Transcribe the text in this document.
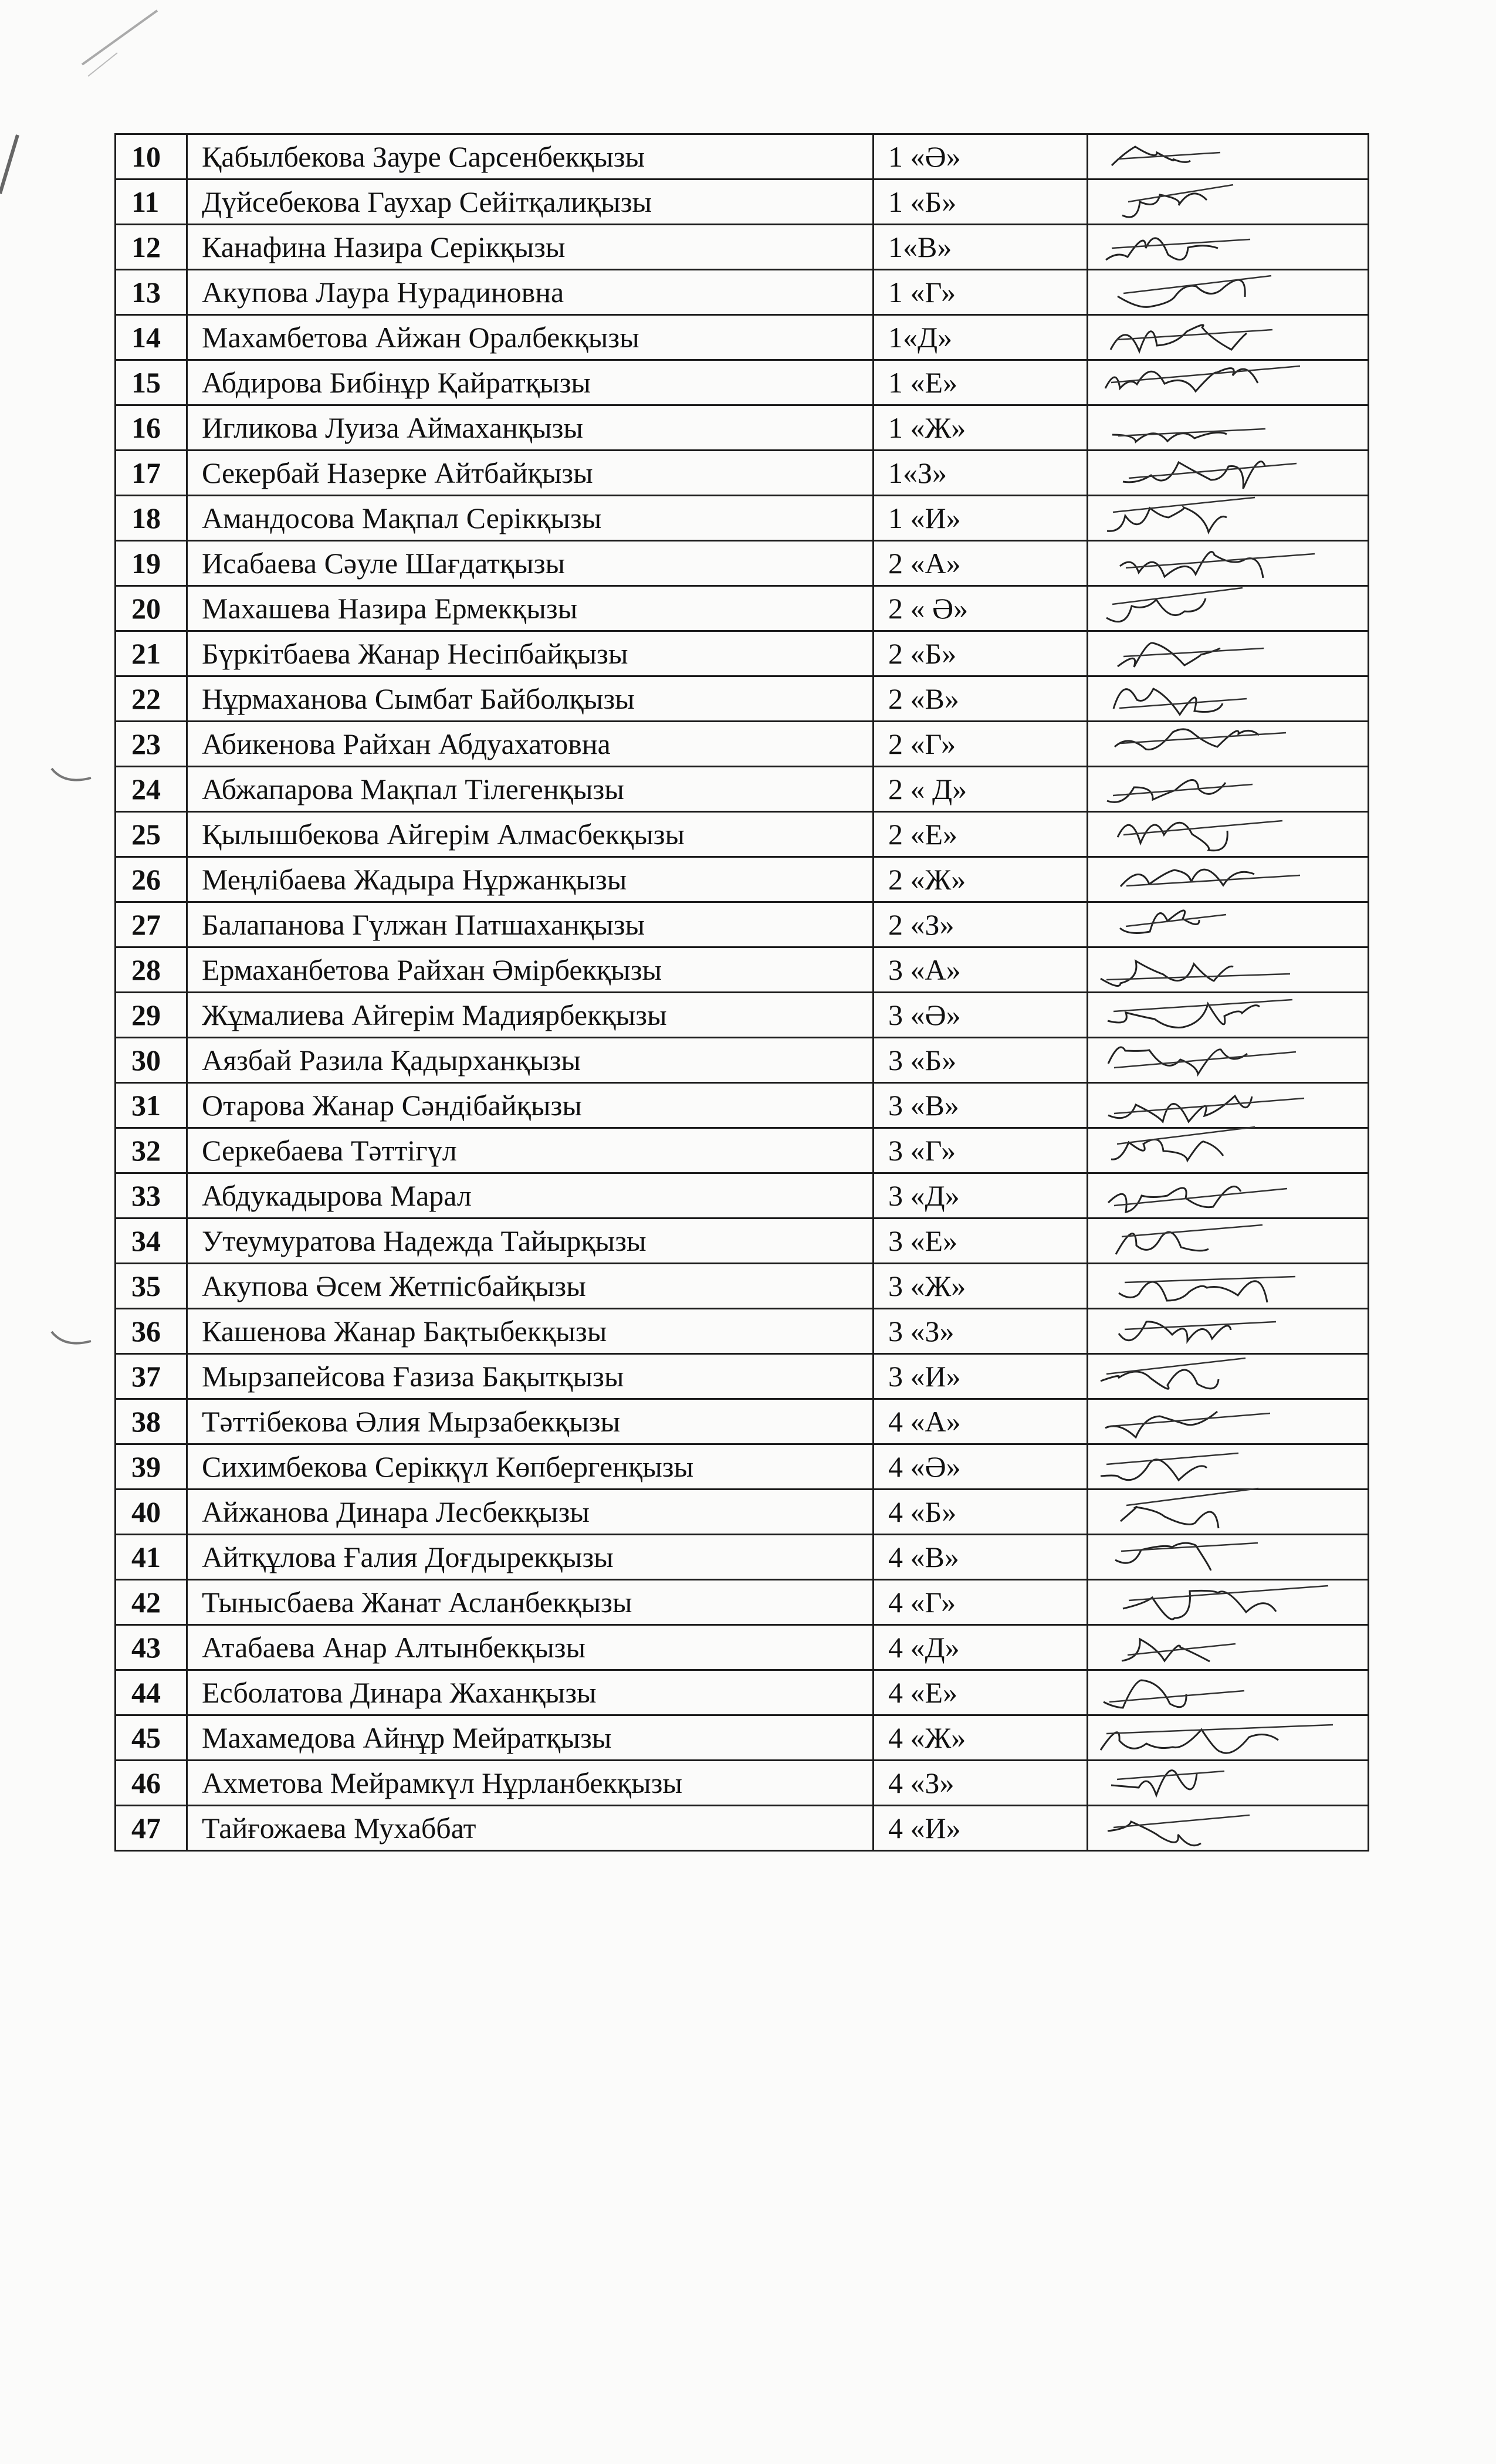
10	Қабылбекова Зауре Сарсенбекқызы	1 «Ә»	

11	Дүйсебекова Гаухар Сейітқалиқызы	1 «Б»	

12	Канафина Назира Серікқызы	1«В»	

13	Акупова Лаура Нурадиновна	1 «Г»	

14	Махамбетова Айжан Оралбекқызы	1«Д»	

15	Абдирова Бибінұр Қайратқызы	1 «Е»	

16	Игликова Луиза Аймаханқызы	1 «Ж»	

17	Секербай Назерке Айтбайқызы	1«З»	

18	Амандосова Мақпал Серікқызы	1 «И»	

19	Исабаева Сәуле Шағдатқызы	2 «А»	

20	Махашева Назира Ермекқызы	2 « Ә»	

21	Бүркітбаева Жанар Несіпбайқызы	2 «Б»	

22	Нұрмаханова Сымбат Байболқызы	2 «В»	

23	Абикенова Райхан Абдуахатовна	2 «Г»	

24	Абжапарова Мақпал Тілегенқызы	2 « Д»	

25	Қылышбекова Айгерім Алмасбекқызы	2 «Е»	

26	Меңлібаева Жадыра Нұржанқызы	2 «Ж»	

27	Балапанова Гүлжан Патшаханқызы	2 «З»	

28	Ермаханбетова Райхан Әмірбекқызы	3 «А»	

29	Жұмалиева Айгерім Мадиярбекқызы	3 «Ә»	

30	Аязбай Разила Қадырханқызы	3 «Б»	

31	Отарова Жанар Сәндібайқызы	3 «В»	

32	Серкебаева Тәттігүл	3 «Г»	

33	Абдукадырова Марал	3 «Д»	

34	Утеумуратова Надежда Тайырқызы	3 «Е»	

35	Акупова Әсем Жетпісбайқызы	3 «Ж»	

36	Кашенова Жанар Бақтыбекқызы	3 «З»	

37	Мырзапейсова Ғазиза Бақытқызы	3 «И»	

38	Тәттібекова Әлия Мырзабекқызы	4 «А»	

39	Сихимбекова Серікқүл Көпбергенқызы	4 «Ә»	

40	Айжанова Динара Лесбекқызы	4 «Б»	

41	Айтқұлова Ғалия Доғдырекқызы	4 «В»	

42	Тынысбаева Жанат Асланбекқызы	4 «Г»	

43	Атабаева Анар Алтынбекқызы	4 «Д»	

44	Есболатова Динара Жаханқызы	4 «Е»	

45	Махамедова Айнұр Мейратқызы	4 «Ж»	

46	Ахметова Мейрамкүл Нұрланбекқызы	4 «З»	

47	Тайғожаева Мухаббат	4 «И»	
